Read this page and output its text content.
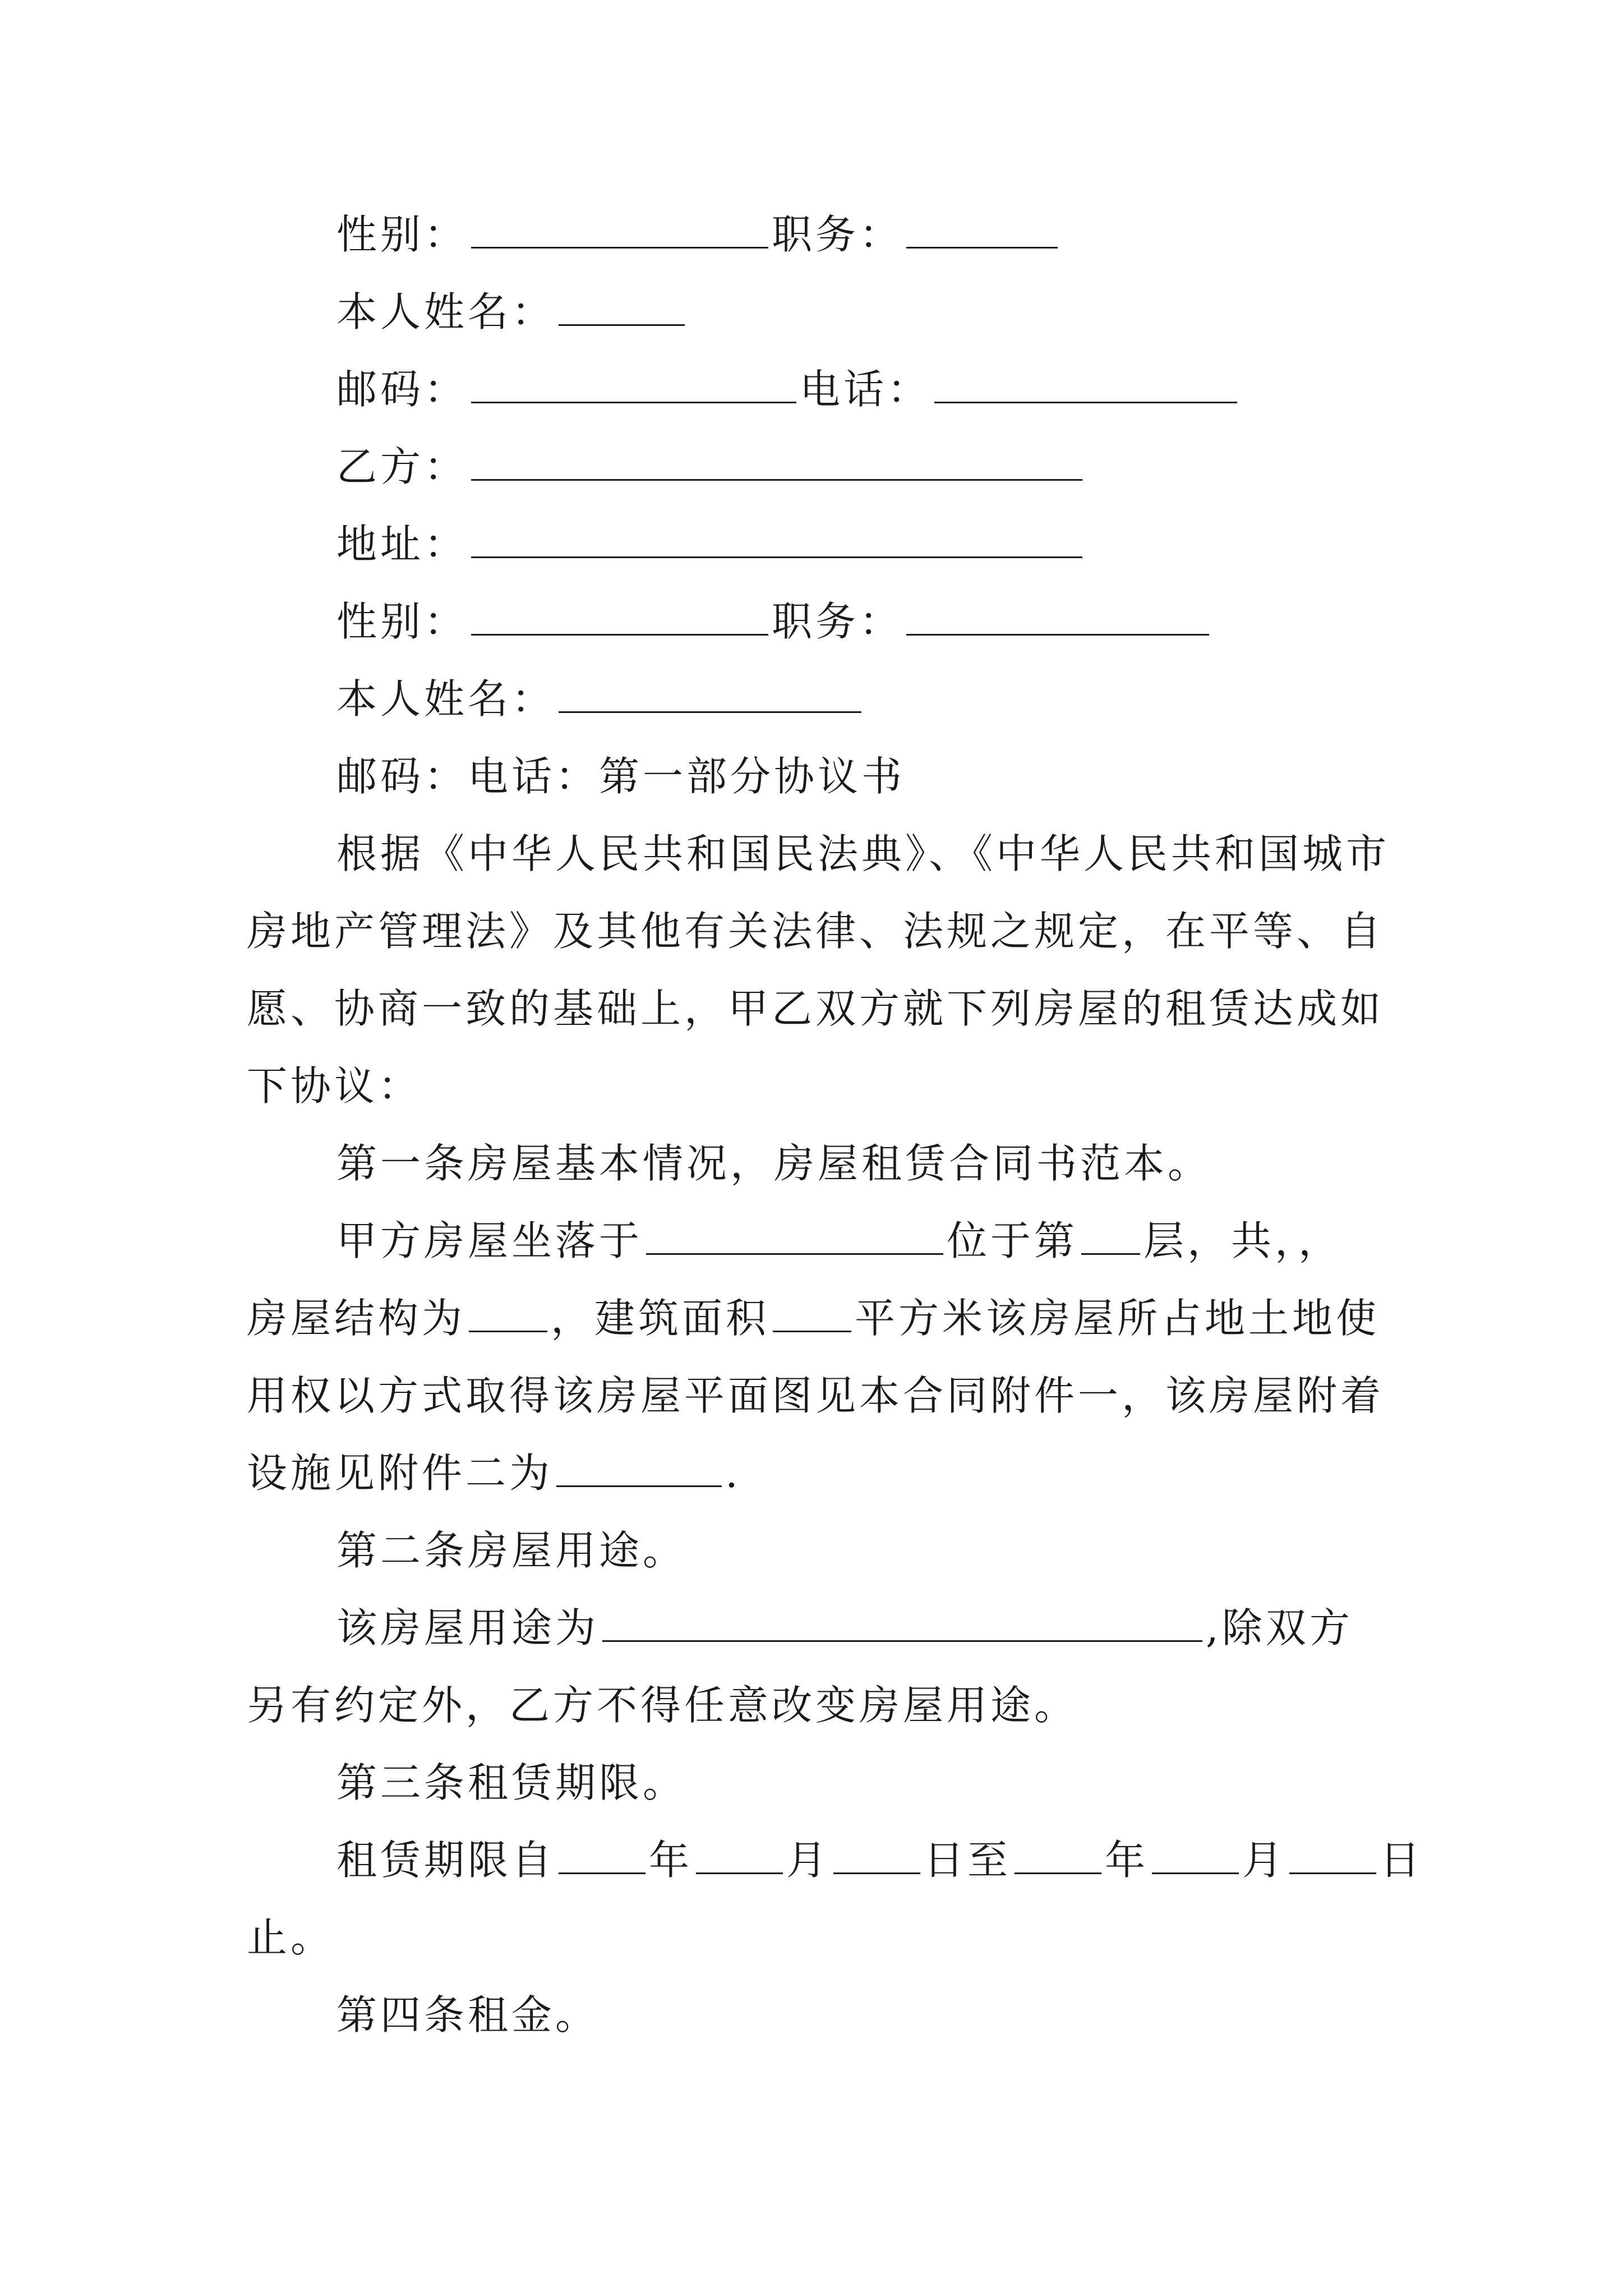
性别：	职务：
本人姓名：
邮码：	电话：
乙方：
地址：
性别：	职务：
本人姓名：
邮码：电话：第一部分协议书
根据《中华人民共和国民法典》、《中华人民共和国城市
房地产管理法》及其他有关法律、法规之规定，在平等、自
愿、协商一致的基础上，甲乙双方就下列房屋的租赁达成如
下协议：
第一条房屋基本情况，房屋租赁合同书范本。
甲方房屋坐落于	位于第 层，共，，
房屋结构为 ，建筑面积 平方米该房屋所占地土地使
用权以方式取得该房屋平面图见本合同附件一，该房屋附着
设施见附件二为	.
第二条房屋用途。
该房屋用途为	,除双方
另有约定外，乙方不得任意改变房屋用途。
第三条租赁期限。
租赁期限自 年 月 日至 年 月 日
止。
第四条租金。
